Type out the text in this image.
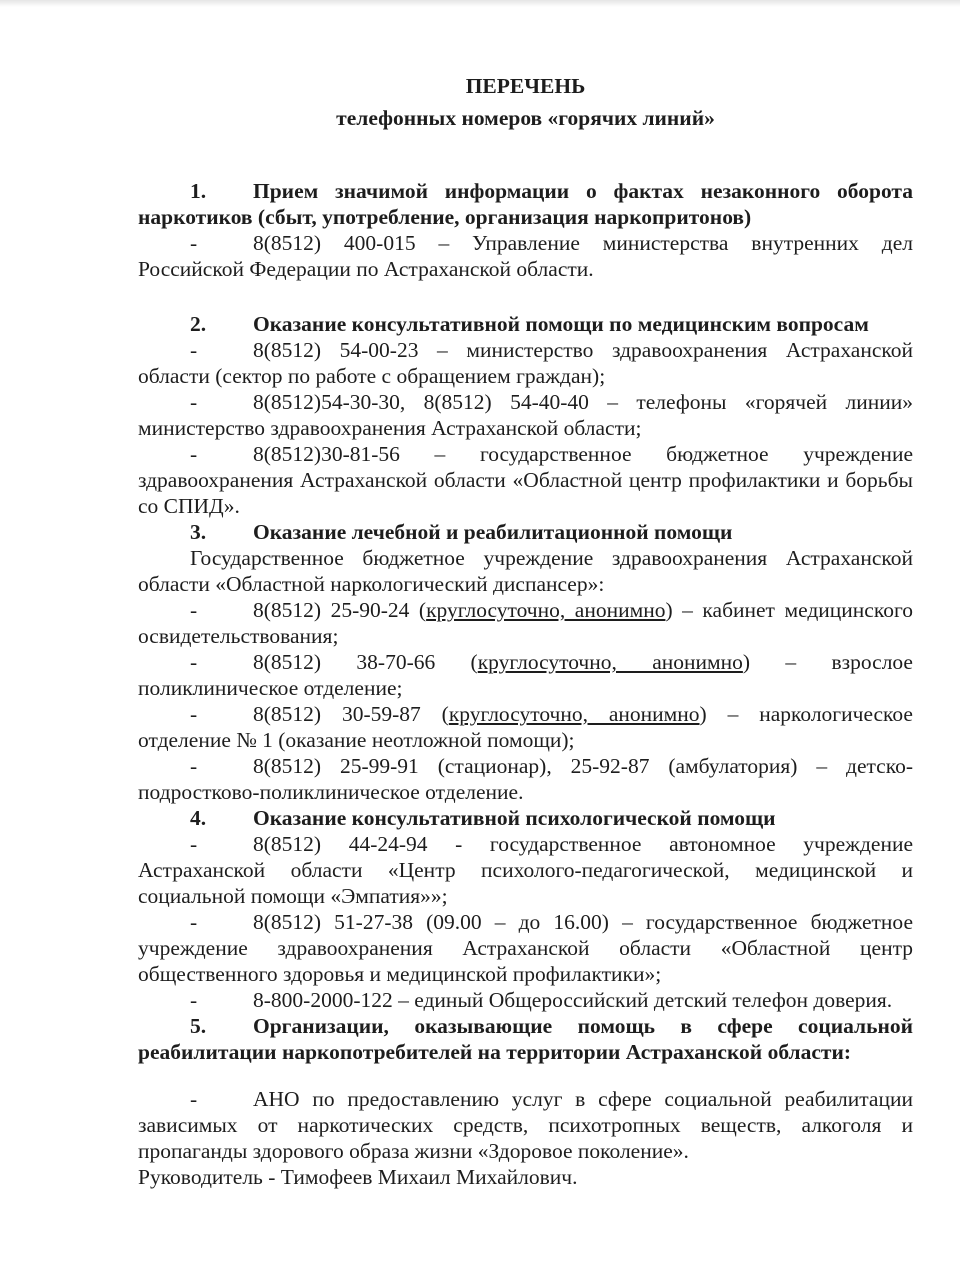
ПЕРЕЧЕНЬ
телефонных номеров «горячих линий»

1. Прием значимой информации о фактах незаконного оборота наркотиков (сбыт, употребление, организация наркопритонов)

-	8(8512) 400-015 – Управление министерства внутренних дел Российской Федерации по Астраханской области.

2. Оказание консультативной помощи по медицинским вопросам

-	8(8512) 54-00-23 – министерство здравоохранения Астраханской области (сектор по работе с обращением граждан);

-	8(8512)54-30-30, 8(8512) 54-40-40 – телефоны «горячей линии» министерство здравоохранения Астраханской области;

-	8(8512)30-81-56 – государственное бюджетное учреждение здравоохранения Астраханской области «Областной центр профилактики и борьбы со СПИД».

3. Оказание лечебной и реабилитационной помощи

Государственное бюджетное учреждение здравоохранения Астраханской области «Областной наркологический диспансер»:

-	8(8512) 25-90-24 (круглосуточно, анонимно) – кабинет медицинского освидетельствования;

-	8(8512) 38-70-66 (круглосуточно, анонимно) – взрослое поликлиническое отделение;

-	8(8512) 30-59-87 (круглосуточно, анонимно) – наркологическое отделение № 1 (оказание неотложной помощи);

-	8(8512) 25-99-91 (стационар), 25-92-87 (амбулатория) – детско-подростково-поликлиническое отделение.

4. Оказание консультативной психологической помощи

-	8(8512) 44-24-94 - государственное автономное учреждение Астраханской области «Центр психолого-педагогической, медицинской и социальной помощи «Эмпатия»»;

-	8(8512) 51-27-38 (09.00 – до 16.00) – государственное бюджетное учреждение здравоохранения Астраханской области «Областной центр общественного здоровья и медицинской профилактики»;

-	8-800-2000-122 – единый Общероссийский детский телефон доверия.

5. Организации, оказывающие помощь в сфере социальной реабилитации наркопотребителей на территории Астраханской области:

-	АНО по предоставлению услуг в сфере социальной реабилитации зависимых от наркотических средств, психотропных веществ, алкоголя и пропаганды здорового образа жизни «Здоровое поколение».

Руководитель - Тимофеев Михаил Михайлович.
